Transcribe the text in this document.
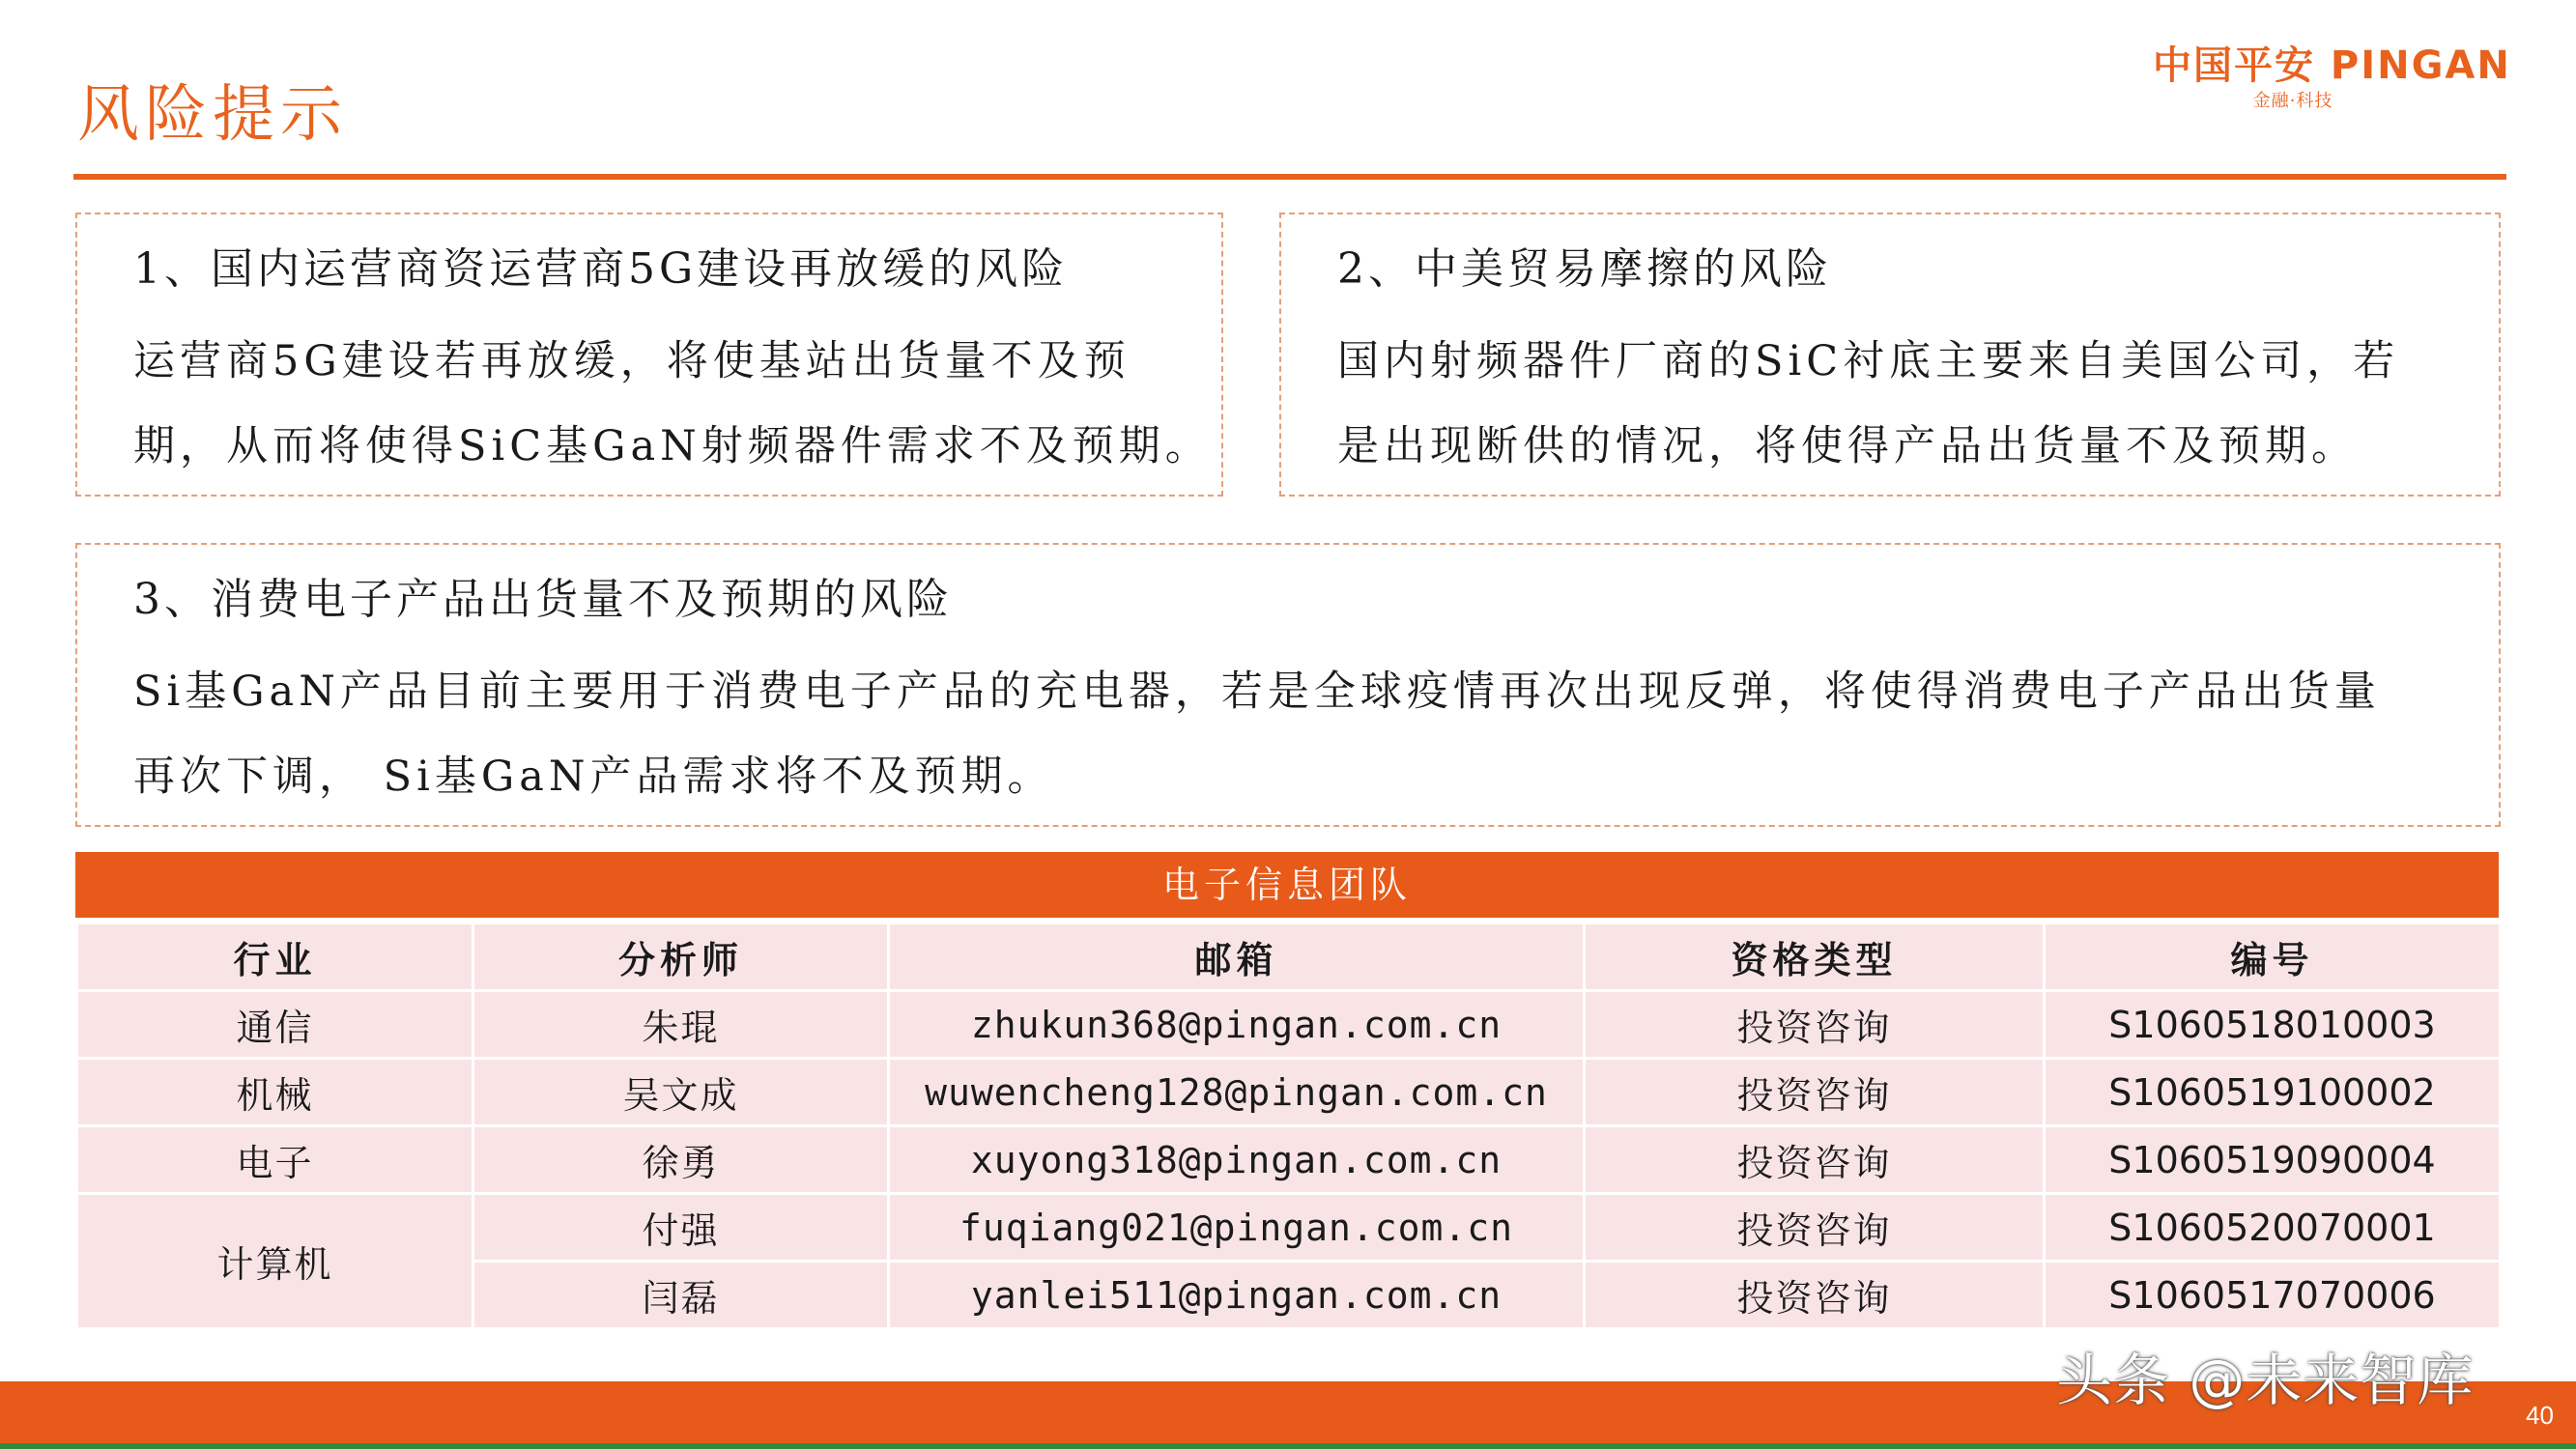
风险提示
中国平安 PINGAN
金融·科技
1、国内运营商资运营商5G建设再放缓的风险
运营商5G建设若再放缓，将使基站出货量不及预
期，从而将使得SiC基GaN射频器件需求不及预期。
2、中美贸易摩擦的风险
国内射频器件厂商的SiC衬底主要来自美国公司，若
是出现断供的情况，将使得产品出货量不及预期。
3、消费电子产品出货量不及预期的风险
Si基GaN产品目前主要用于消费电子产品的充电器，若是全球疫情再次出现反弹，将使得消费电子产品出货量
再次下调， Si基GaN产品需求将不及预期。
电子信息团队
行业	分析师	邮箱	资格类型	编号
通信	朱琨	zhukun368@pingan.com.cn	投资咨询	S1060518010003
机械	吴文成	wuwencheng128@pingan.com.cn	投资咨询	S1060519100002
电子	徐勇	xuyong318@pingan.com.cn	投资咨询	S1060519090004
计算机	付强	fuqiang021@pingan.com.cn	投资咨询	S1060520070001
	闫磊	yanlei511@pingan.com.cn	投资咨询	S1060517070006
头条 @未来智库
40
